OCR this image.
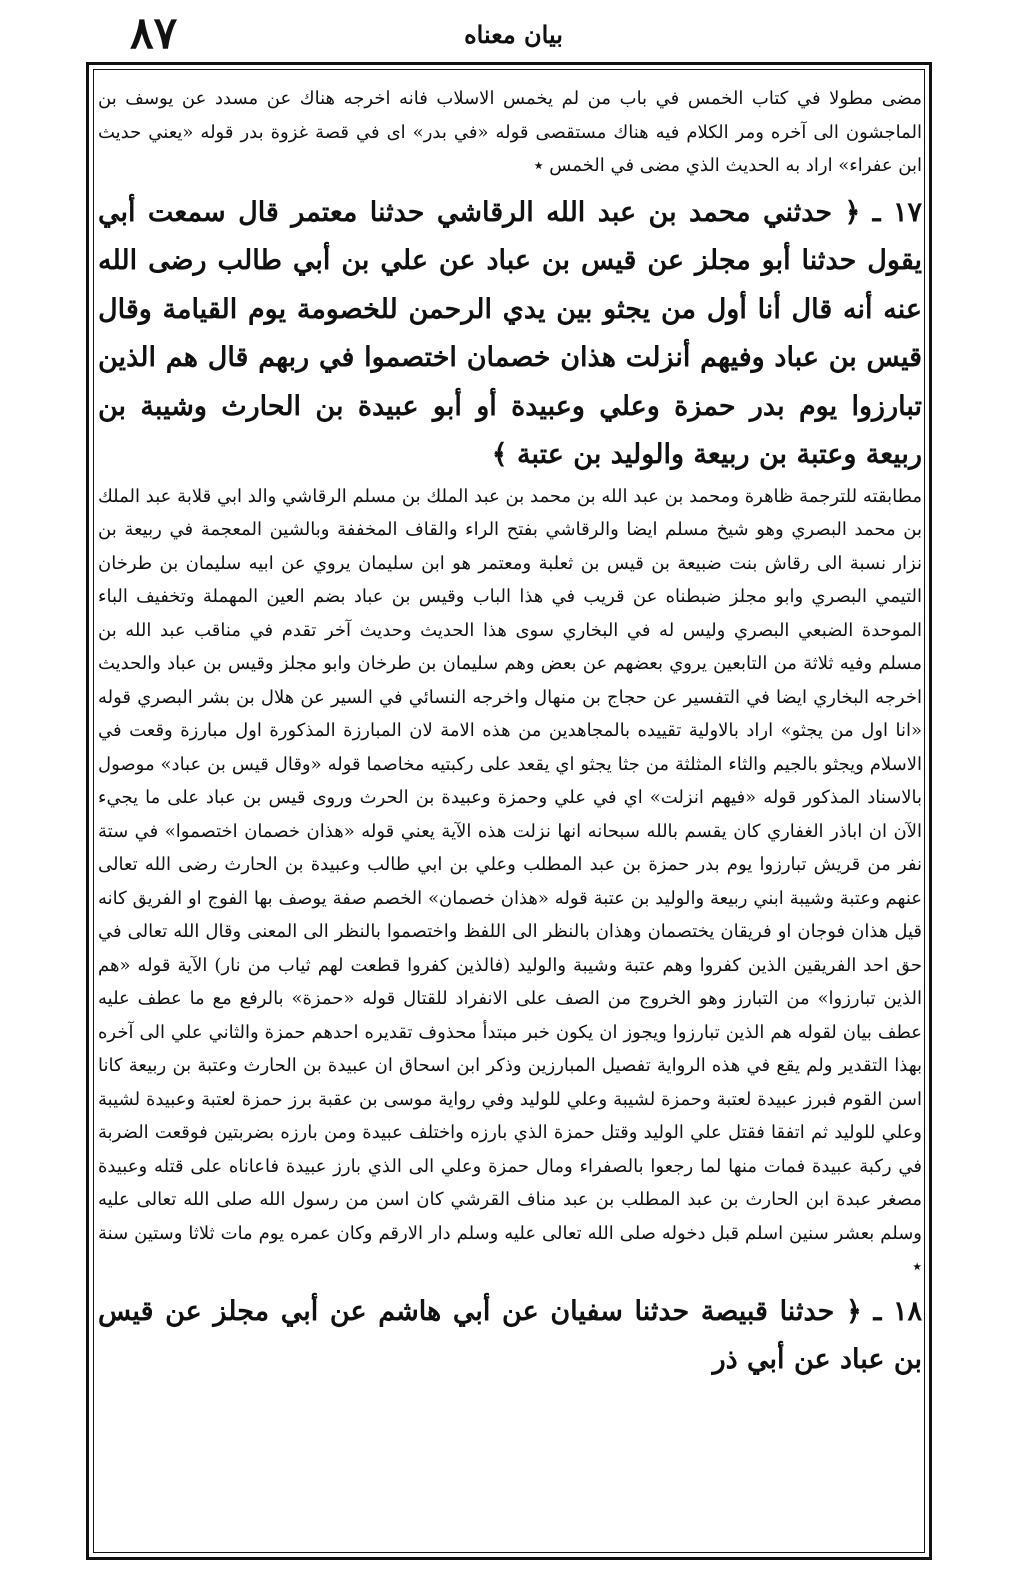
٨٧	بيان معناه

مضى مطولا في كتاب الخمس في باب من لم يخمس الاسلاب فانه اخرجه هناك عن مسدد عن يوسف بن الماجشون الى آخره ومر الكلام فيه هناك مستقصى قوله «في بدر» اى في قصة غزوة بدر قوله «يعني حديث ابن عفراء» اراد به الحديث الذي مضى في الخمس ٭

١٧ ـ ﴿ حدثني محمد بن عبد الله الرقاشي حدثنا معتمر قال سمعت أبي يقول حدثنا أبو مجلز عن قيس بن عباد عن علي بن أبي طالب رضى الله عنه أنه قال أنا أول من يجثو بين يدي الرحمن للخصومة يوم القيامة وقال قيس بن عباد وفيهم أنزلت هذان خصمان اختصموا في ربهم قال هم الذين تبارزوا يوم بدر حمزة وعلي وعبيدة أو أبو عبيدة بن الحارث وشيبة بن ربيعة وعتبة بن ربيعة والوليد بن عتبة ﴾

مطابقته للترجمة ظاهرة ومحمد بن عبد الله بن محمد بن عبد الملك بن مسلم الرقاشي والد ابي قلابة عبد الملك بن محمد البصري وهو شيخ مسلم ايضا والرقاشي بفتح الراء والقاف المخففة وبالشين المعجمة في ربيعة بن نزار نسبة الى رقاش بنت ضبيعة بن قيس بن ثعلبة ومعتمر هو ابن سليمان يروي عن ابيه سليمان بن طرخان التيمي البصري وابو مجلز ضبطناه عن قريب في هذا الباب وقيس بن عباد بضم العين المهملة وتخفيف الباء الموحدة الضبعي البصري وليس له في البخاري سوى هذا الحديث وحديث آخر تقدم في مناقب عبد الله بن مسلم وفيه ثلاثة من التابعين يروي بعضهم عن بعض وهم سليمان بن طرخان وابو مجلز وقيس بن عباد والحديث اخرجه البخاري ايضا في التفسير عن حجاج بن منهال واخرجه النسائي في السير عن هلال بن بشر البصري قوله «انا اول من يجثو» اراد بالاولية تقييده بالمجاهدين من هذه الامة لان المبارزة المذكورة اول مبارزة وقعت في الاسلام ويجثو بالجيم والثاء المثلثة من جثا يجثو اي يقعد على ركبتيه مخاصما قوله «وقال قيس بن عباد» موصول بالاسناد المذكور قوله «فيهم انزلت» اي في علي وحمزة وعبيدة بن الحرث وروى قيس بن عباد على ما يجيء الآن ان اباذر الغفاري كان يقسم بالله سبحانه انها نزلت هذه الآية يعني قوله «هذان خصمان اختصموا» في ستة نفر من قريش تبارزوا يوم بدر حمزة بن عبد المطلب وعلي بن ابي طالب وعبيدة بن الحارث رضى الله تعالى عنهم وعتبة وشيبة ابني ربيعة والوليد بن عتبة قوله «هذان خصمان» الخصم صفة يوصف بها الفوج او الفريق كانه قيل هذان فوجان او فريقان يختصمان وهذان بالنظر الى اللفظ واختصموا بالنظر الى المعنى وقال الله تعالى في حق احد الفريقين الذين كفروا وهم عتبة وشيبة والوليد (فالذين كفروا قطعت لهم ثياب من نار) الآية قوله «هم الذين تبارزوا» من التبارز وهو الخروج من الصف على الانفراد للقتال قوله «حمزة» بالرفع مع ما عطف عليه عطف بيان لقوله هم الذين تبارزوا ويجوز ان يكون خبر مبتدأ محذوف تقديره احدهم حمزة والثاني علي الى آخره بهذا التقدير ولم يقع في هذه الرواية تفصيل المبارزين وذكر ابن اسحاق ان عبيدة بن الحارث وعتبة بن ربيعة كانا اسن القوم فبرز عبيدة لعتبة وحمزة لشيبة وعلي للوليد وفي رواية موسى بن عقبة برز حمزة لعتبة وعبيدة لشيبة وعلي للوليد ثم اتفقا فقتل علي الوليد وقتل حمزة الذي بارزه واختلف عبيدة ومن بارزه بضربتين فوقعت الضربة في ركبة عبيدة فمات منها لما رجعوا بالصفراء ومال حمزة وعلي الى الذي بارز عبيدة فاعاناه على قتله وعبيدة مصغر عبدة ابن الحارث بن عبد المطلب بن عبد مناف القرشي كان اسن من رسول الله صلى الله تعالى عليه وسلم بعشر سنين اسلم قبل دخوله صلى الله تعالى عليه وسلم دار الارقم وكان عمره يوم مات ثلاثا وستين سنة ٭

١٨ ـ ﴿ حدثنا قبيصة حدثنا سفيان عن أبي هاشم عن أبي مجلز عن قيس بن عباد عن أبي ذر
